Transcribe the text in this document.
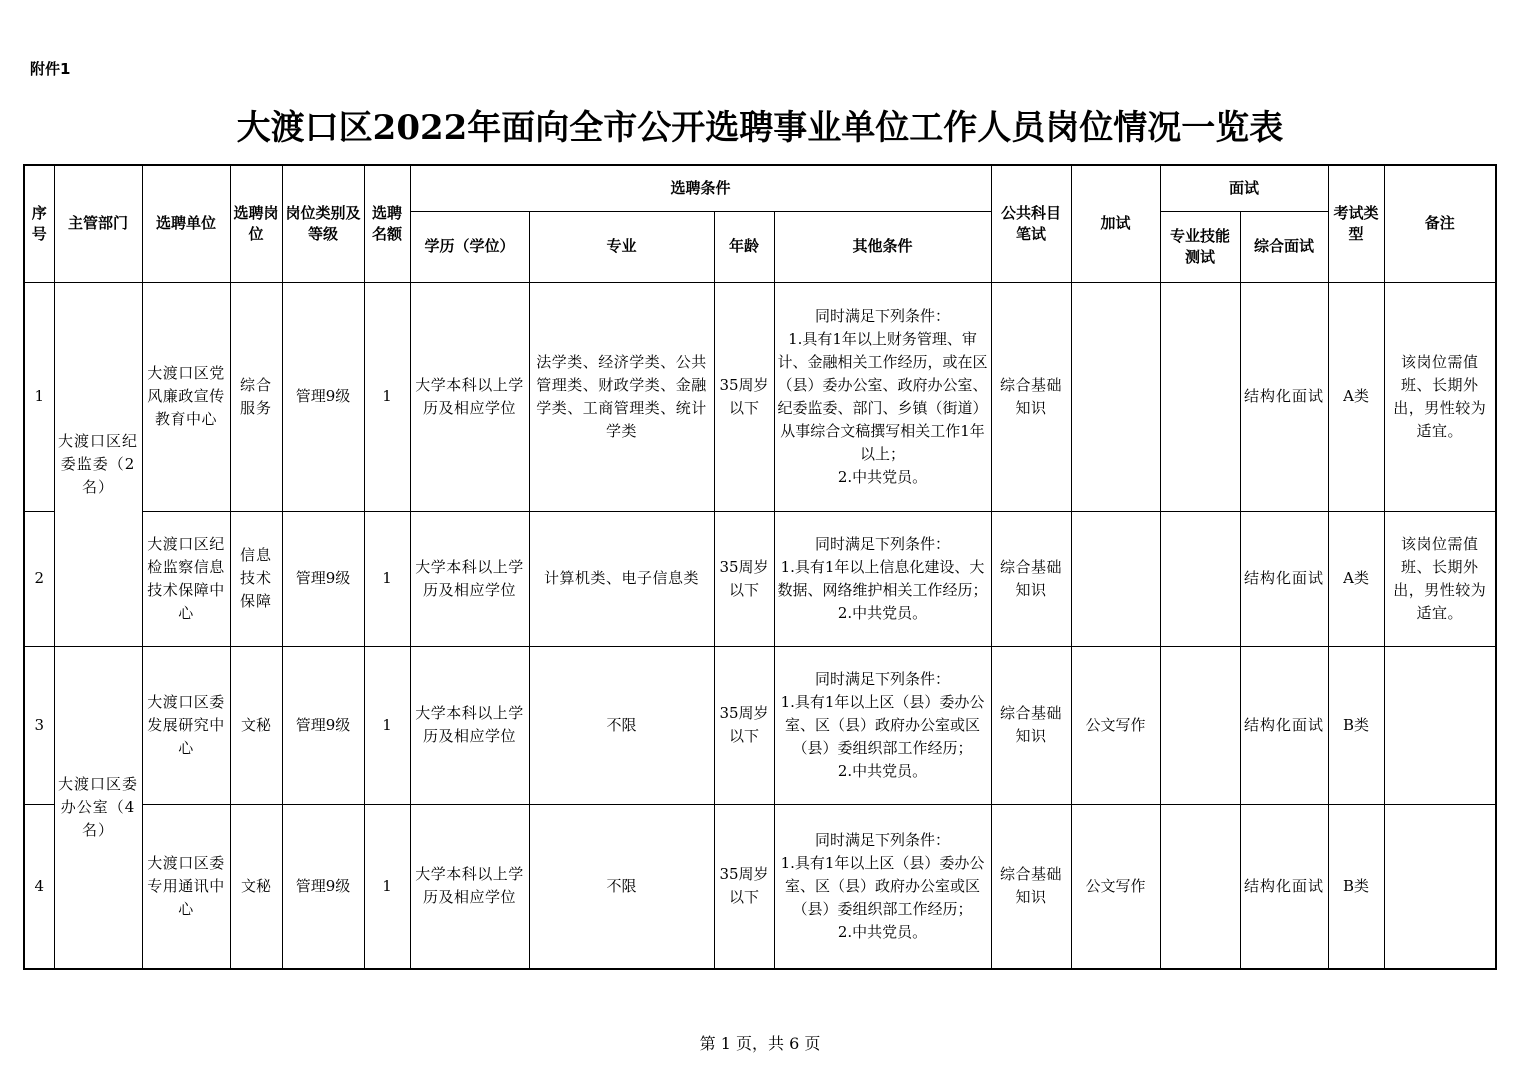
附件1
大渡口区2022年面向全市公开选聘事业单位工作人员岗位情况一览表
序号	主管部门	选聘单位	选聘岗位	岗位类别及等级	选聘名额	选聘条件				公共科目笔试	加试	面试		考试类型	备注
						学历（学位）	专业	年龄	其他条件			专业技能测试	综合面试		
1	大渡口区纪委监委（2名）	大渡口区党风廉政宣传教育中心	综合服务	管理9级	1	大学本科以上学历及相应学位	法学类、经济学类、公共管理类、财政学类、金融学类、工商管理类、统计学类	35周岁以下	同时满足下列条件：
1.具有1年以上财务管理、审计、金融相关工作经历，或在区（县）委办公室、政府办公室、纪委监委、部门、乡镇（街道）从事综合文稿撰写相关工作1年以上；
2.中共党员。	综合基础知识			结构化面试	A类	该岗位需值班、长期外出，男性较为适宜。
2		大渡口区纪检监察信息技术保障中心	信息技术保障	管理9级	1	大学本科以上学历及相应学位	计算机类、电子信息类	35周岁以下	同时满足下列条件：
1.具有1年以上信息化建设、大数据、网络维护相关工作经历；
2.中共党员。	综合基础知识			结构化面试	A类	该岗位需值班、长期外出，男性较为适宜。
3	大渡口区委办公室（4名）	大渡口区委发展研究中心	文秘	管理9级	1	大学本科以上学历及相应学位	不限	35周岁以下	同时满足下列条件：
1.具有1年以上区（县）委办公室、区（县）政府办公室或区（县）委组织部工作经历；
2.中共党员。	综合基础知识	公文写作		结构化面试	B类	
4		大渡口区委专用通讯中心	文秘	管理9级	1	大学本科以上学历及相应学位	不限	35周岁以下	同时满足下列条件：
1.具有1年以上区（县）委办公室、区（县）政府办公室或区（县）委组织部工作经历；
2.中共党员。	综合基础知识	公文写作		结构化面试	B类	
第 1 页，共 6 页
